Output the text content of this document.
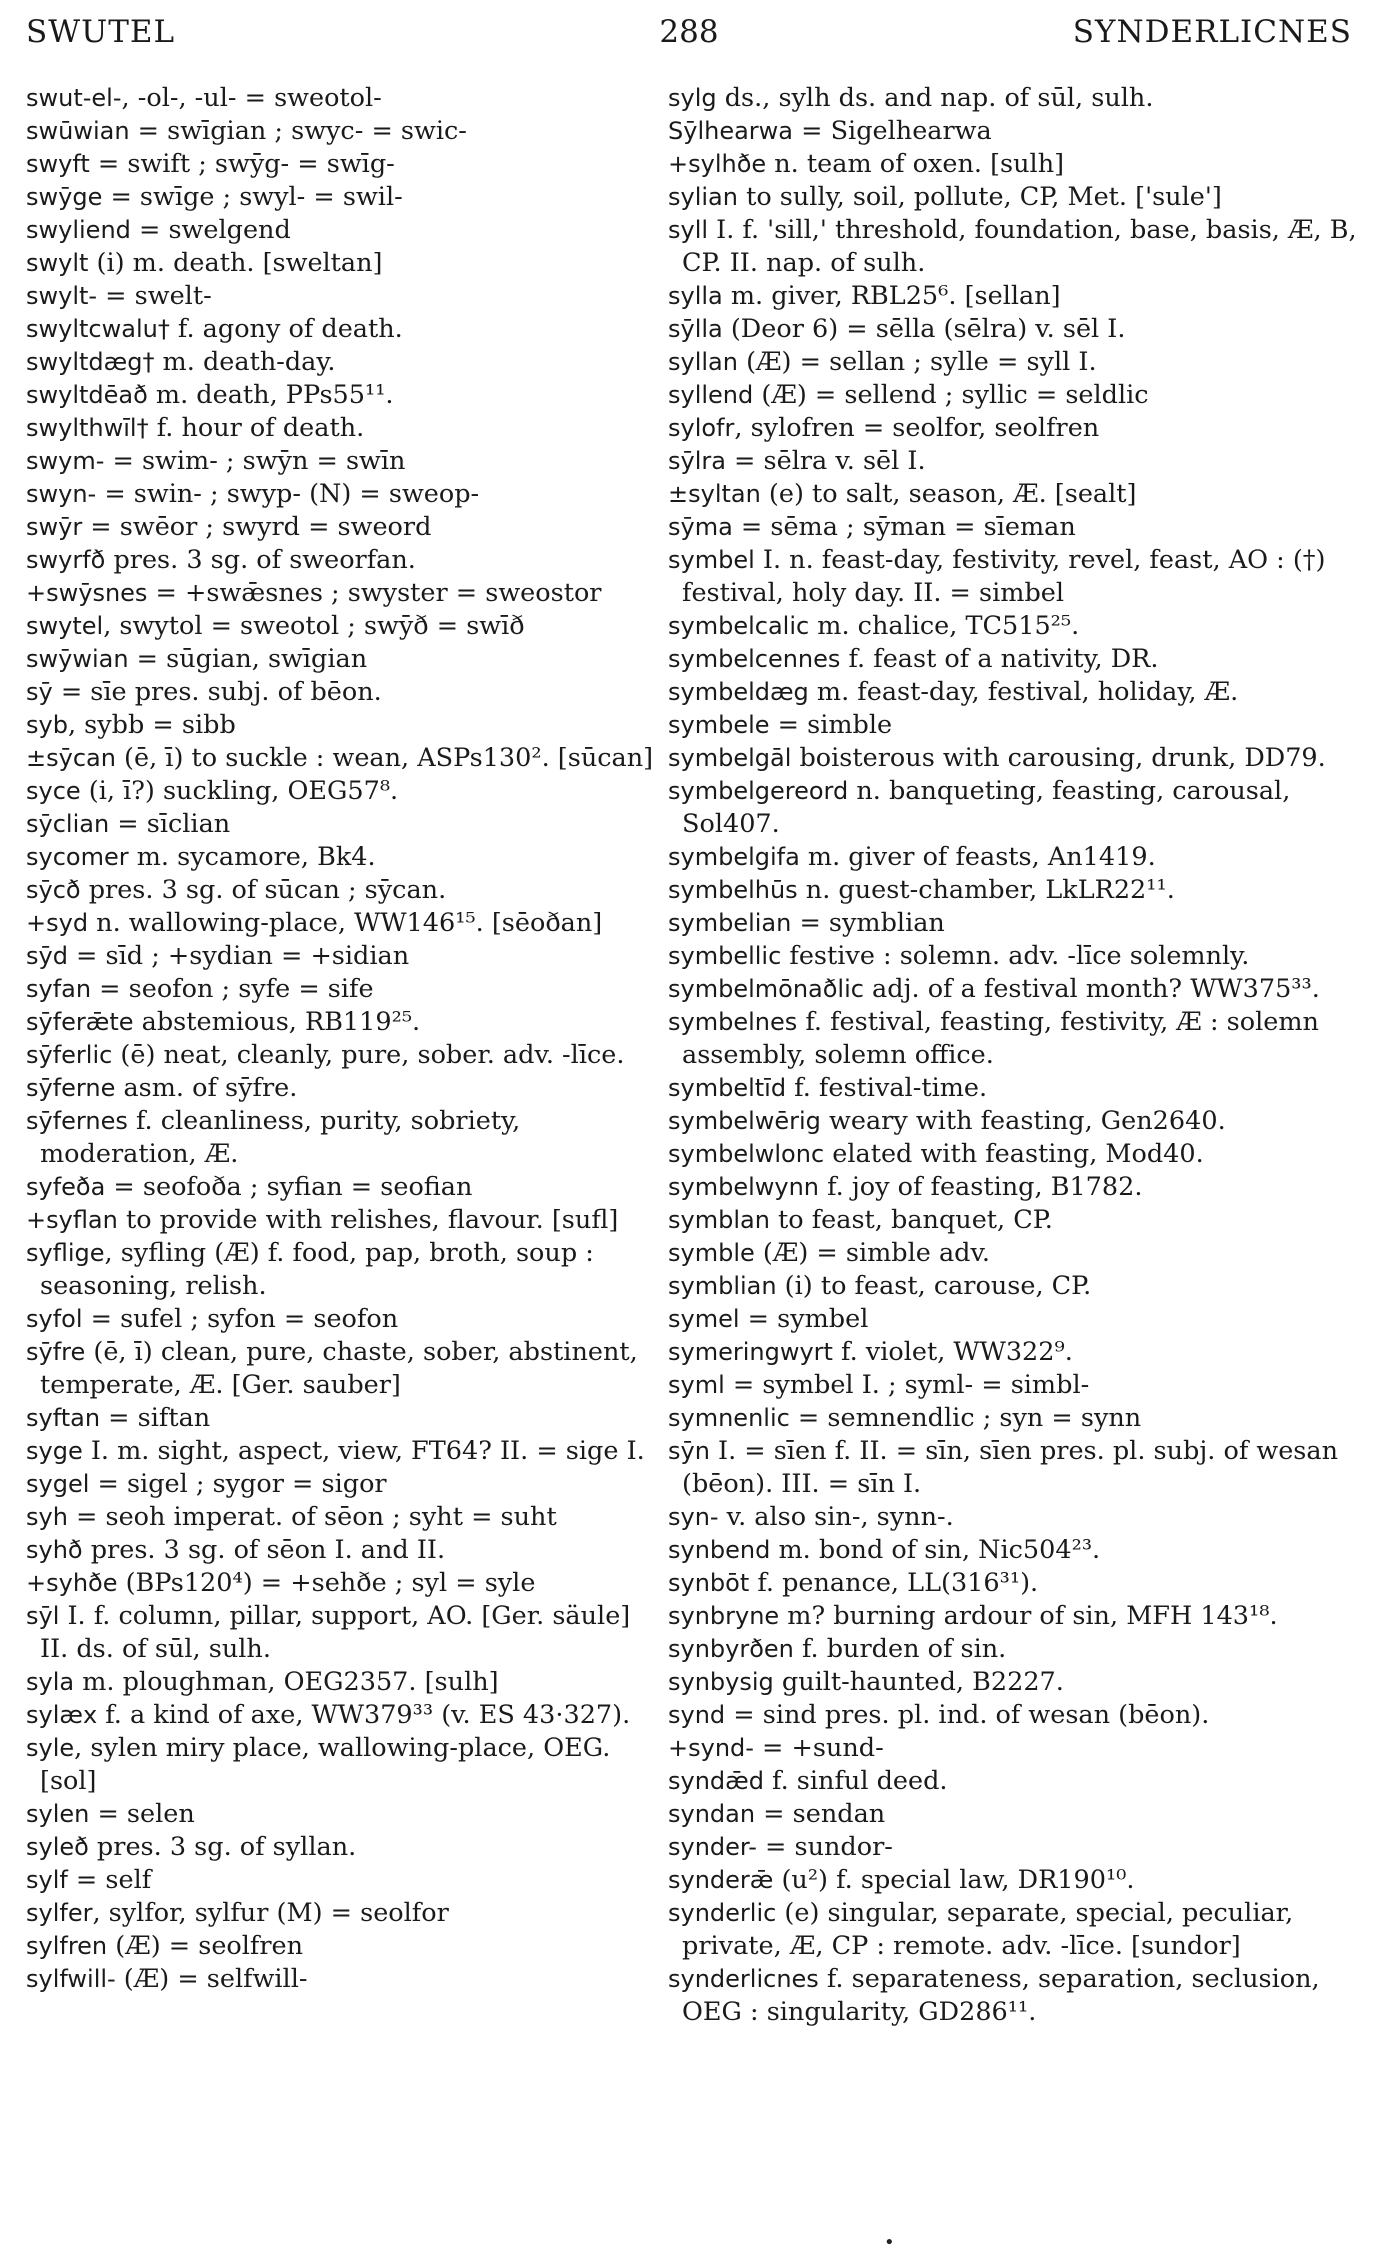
SWUTEL	288	SYNDERLICNES
swut-el-, -ol-, -ul- = sweotol-
swūwian = swīgian ; swyc- = swic-
swyft = swift ; swȳg- = swīg-
swȳge = swīge ; swyl- = swil-
swyliend = swelgend
swylt (i) m. death. [sweltan]
swylt- = swelt-
swyltcwalu† f. agony of death.
swyltdæg† m. death-day.
swyltdēað m. death, PPs55¹¹.
swylthwīl† f. hour of death.
swym- = swim- ; swȳn = swīn
swyn- = swin- ; swyp- (N) = sweop-
swȳr = swēor ; swyrd = sweord
swyrfð pres. 3 sg. of sweorfan.
+swȳsnes = +swǣsnes ; swyster = sweostor
swytel, swytol = sweotol ; swȳð = swīð
swȳwian = sūgian, swīgian
sȳ = sīe pres. subj. of bēon.
syb, sybb = sibb
±sȳcan (ē, ī) to suckle : wean, ASPs130². [sūcan]
syce (i, ī?) suckling, OEG57⁸.
sȳclian = sīclian
sycomer m. sycamore, Bk4.
sȳcð pres. 3 sg. of sūcan ; sȳcan.
+syd n. wallowing-place, WW146¹⁵. [sēoðan]
sȳd = sīd ; +sydian = +sidian
syfan = seofon ; syfe = sife
sȳferǣte abstemious, RB119²⁵.
sȳferlic (ē) neat, cleanly, pure, sober. adv. -līce.
sȳferne asm. of sȳfre.
sȳfernes f. cleanliness, purity, sobriety, moderation, Æ.
syfeða = seofoða ; syfian = seofian
+syflan to provide with relishes, flavour. [sufl]
syflige, syfling (Æ) f. food, pap, broth, soup : seasoning, relish.
syfol = sufel ; syfon = seofon
sȳfre (ē, ī) clean, pure, chaste, sober, abstinent, temperate, Æ. [Ger. sauber]
syftan = siftan
syge I. m. sight, aspect, view, FT64? II. = sige I.
sygel = sigel ; sygor = sigor
syh = seoh imperat. of sēon ; syht = suht
syhð pres. 3 sg. of sēon I. and II.
+syhðe (BPs120⁴) = +sehðe ; syl = syle
sȳl I. f. column, pillar, support, AO. [Ger. säule] II. ds. of sūl, sulh.
syla m. ploughman, OEG2357. [sulh]
sylæx f. a kind of axe, WW379³³ (v. ES 43·327).
syle, sylen miry place, wallowing-place, OEG. [sol]
sylen = selen
syleð pres. 3 sg. of syllan.
sylf = self
sylfer, sylfor, sylfur (M) = seolfor
sylfren (Æ) = seolfren
sylfwill- (Æ) = selfwill-
sylg ds., sylh ds. and nap. of sūl, sulh.
Sȳlhearwa = Sigelhearwa
+sylhðe n. team of oxen. [sulh]
sylian to sully, soil, pollute, CP, Met. ['sule']
syll I. f. 'sill,' threshold, foundation, base, basis, Æ, B, CP. II. nap. of sulh.
sylla m. giver, RBL25⁶. [sellan]
sȳlla (Deor 6) = sēlla (sēlra) v. sēl I.
syllan (Æ) = sellan ; sylle = syll I.
syllend (Æ) = sellend ; syllic = seldlic
sylofr, sylofren = seolfor, seolfren
sȳlra = sēlra v. sēl I.
±syltan (e) to salt, season, Æ. [sealt]
sȳma = sēma ; sȳman = sīeman
symbel I. n. feast-day, festivity, revel, feast, AO : (†) festival, holy day. II. = simbel
symbelcalic m. chalice, TC515²⁵.
symbelcennes f. feast of a nativity, DR.
symbeldæg m. feast-day, festival, holiday, Æ.
symbele = simble
symbelgāl boisterous with carousing, drunk, DD79.
symbelgereord n. banqueting, feasting, carousal, Sol407.
symbelgifa m. giver of feasts, An1419.
symbelhūs n. guest-chamber, LkLR22¹¹.
symbelian = symblian
symbellic festive : solemn. adv. -līce solemnly.
symbelmōnaðlic adj. of a festival month? WW375³³.
symbelnes f. festival, feasting, festivity, Æ : solemn assembly, solemn office.
symbeltīd f. festival-time.
symbelwērig weary with feasting, Gen2640.
symbelwlonc elated with feasting, Mod40.
symbelwynn f. joy of feasting, B1782.
symblan to feast, banquet, CP.
symble (Æ) = simble adv.
symblian (i) to feast, carouse, CP.
symel = symbel
symeringwyrt f. violet, WW322⁹.
syml = symbel I. ; syml- = simbl-
symnenlic = semnendlic ; syn = synn
sȳn I. = sīen f. II. = sīn, sīen pres. pl. subj. of wesan (bēon). III. = sīn I.
syn- v. also sin-, synn-.
synbend m. bond of sin, Nic504²³.
synbōt f. penance, LL(316³¹).
synbryne m? burning ardour of sin, MFH 143¹⁸.
synbyrðen f. burden of sin.
synbysig guilt-haunted, B2227.
synd = sind pres. pl. ind. of wesan (bēon).
+synd- = +sund-
syndǣd f. sinful deed.
syndan = sendan
synder- = sundor-
synderǣ (u²) f. special law, DR190¹⁰.
synderlic (e) singular, separate, special, peculiar, private, Æ, CP : remote. adv. -līce. [sundor]
synderlicnes f. separateness, separation, seclusion, OEG : singularity, GD286¹¹.
•
